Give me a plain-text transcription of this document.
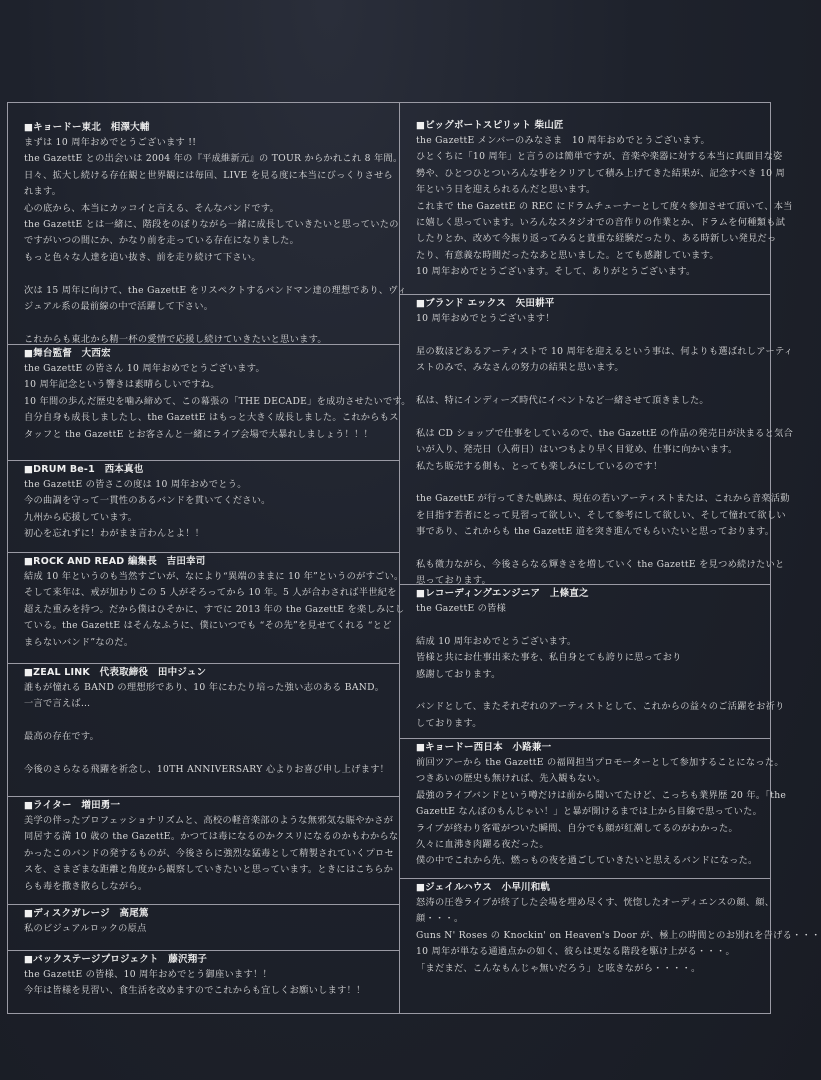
■キョードー東北　相澤大輔
まずは 10 周年おめでとうございます !!
the GazettE との出会いは 2004 年の『平成維新元』の TOUR からかれこれ 8 年間。
日々、拡大し続ける存在観と世界観には毎回、LIVE を見る度に本当にびっくりさせら
れます。
心の底から、本当にカッコイと言える、そんなバンドです。
the GazettE とは一緒に、階段をのぼりながら一緒に成長していきたいと思っていたの
ですがいつの間にか、かなり前を走っている存在になりました。
もっと色々な人達を追い抜き、前を走り続けて下さい。
次は 15 周年に向けて、the GazettE をリスペクトするバンドマン達の理想であり、ヴィ
ジュアル系の最前線の中で活躍して下さい。
これからも東北から精一杯の愛情で応援し続けていきたいと思います。
■舞台監督　大西宏
the GazettE の皆さん 10 周年おめでとうございます。
10 周年記念という響きは素晴らしいですね。
10 年間の歩んだ歴史を噛み締めて、この幕張の「THE DECADE」を成功させたいです。
自分自身も成長しましたし、the GazettE はもっと大きく成長しました。これからもス
タッフと the GazettE とお客さんと一緒にライブ会場で大暴れしましょう！！！
■DRUM Be-1　西本真也
the GazettE の皆さこの度は 10 周年おめでとう。
今の曲調を守って一貫性のあるバンドを貫いてください。
九州から応援しています。
初心を忘れずに！わがまま言わんとよ！！
■ROCK AND READ 編集長　吉田幸司
結成 10 年というのも当然すごいが、なにより“異端のままに 10 年”というのがすごい。
そして来年は、戒が加わりこの 5 人がそろってから 10 年。5 人が合わされば半世紀を
超えた重みを持つ。だから僕はひそかに、すでに 2013 年の the GazettE を楽しみにし
ている。the GazettE はそんなふうに、僕にいつでも “その先”を見せてくれる “とど
まらないバンド”なのだ。
■ZEAL LINK　代表取締役　田中ジュン
誰もが憧れる BAND の理想形であり、10 年にわたり培った強い志のある BAND。
一言で言えば…
最高の存在です。
今後のさらなる飛躍を祈念し、10TH ANNIVERSARY 心よりお喜び申し上げます！
■ライター　増田勇一
美学の伴ったプロフェッショナリズムと、高校の軽音楽部のような無邪気な賑やかさが
同居する満 10 歳の the GazettE。かつては毒になるのかクスリになるのかもわからな
かったこのバンドの発するものが、今後さらに強烈な猛毒として精製されていくプロセ
スを、さまざまな距離と角度から観察していきたいと思っています。ときにはこちらか
らも毒を撒き散らしながら。
■ディスクガレージ　高尾篤
私のビジュアルロックの原点
■バックステージプロジェクト　藤沢翔子
the GazettE の皆様、10 周年おめでとう御座います！！
今年は皆様を見習い、食生活を改めますのでこれからも宜しくお願いします！！
■ビッグボートスピリット 柴山匠
the GazettE メンバーのみなさま　10 周年おめでとうございます。
ひとくちに「10 周年」と言うのは簡単ですが、音楽や楽器に対する本当に真面目な姿
勢や、ひとつひとついろんな事をクリアして積み上げてきた結果が、記念すべき 10 周
年という日を迎えられるんだと思います。
これまで the GazettE の REC にドラムチューナーとして度々参加させて頂いて、本当
に嬉しく思っています。いろんなスタジオでの音作りの作業とか、ドラムを何種類も試
したりとか、改めて今振り返ってみると貴重な経験だったり、ある時新しい発見だっ
たり、有意義な時間だったなあと思いました。とても感謝しています。
10 周年おめでとうございます。そして、ありがとうございます。
■ブランド エックス　矢田耕平
10 周年おめでとうございます！
星の数ほどあるアーティストで 10 周年を迎えるという事は、何よりも選ばれしアーティ
ストのみで、みなさんの努力の結果と思います。
私は、特にインディーズ時代にイベントなど一緒させて頂きました。
私は CD ショップで仕事をしているので、the GazettE の作品の発売日が決まると気合
いが入り、発売日（入荷日）はいつもより早く目覚め、仕事に向かいます。
私たち販売する側も、とっても楽しみにしているのです！
the GazettE が行ってきた軌跡は、現在の若いアーティストまたは、これから音楽活動
を目指す若者にとって見習って欲しい、そして参考にして欲しい、そして憧れて欲しい
事であり、これからも the GazettE 道を突き進んでもらいたいと思っております。
私も微力ながら、今後さらなる輝きさを増していく the GazettE を見つめ続けたいと
思っております。
■レコーディングエンジニア　上條直之
the GazettE の皆様
結成 10 周年おめでとうございます。
皆様と共にお仕事出来た事を、私自身とても誇りに思っており
感謝しております。
バンドとして、またそれぞれのアーティストとして、これからの益々のご活躍をお祈り
しております。
■キョードー西日本　小路兼一
前回ツアーから the GazettE の福岡担当プロモーターとして参加することになった。
つきあいの歴史も無ければ、先入観もない。
最強のライブバンドという噂だけは前から聞いてたけど、こっちも業界歴 20 年。「the
GazettE なんぼのもんじゃい！」と暴が開けるまでは上から目線で思っていた。
ライブが終わり客電がついた瞬間、自分でも顔が紅潮してるのがわかった。
久々に血沸き肉躍る夜だった。
僕の中でこれから先、燃っもの夜を過ごしていきたいと思えるバンドになった。
■ジェイルハウス　小早川和軌
怒涛の圧巻ライブが終了した会場を埋め尽くす、恍惚したオーディエンスの顔、顔、
顔・・・。
Guns N' Roses の Knockin' on Heaven's Door が、極上の時間とのお別れを告げる・・・
10 周年が単なる通過点かの如く、彼らは更なる階段を駆け上がる・・・。
「まだまだ、こんなもんじゃ無いだろう」と呟きながら・・・・。
